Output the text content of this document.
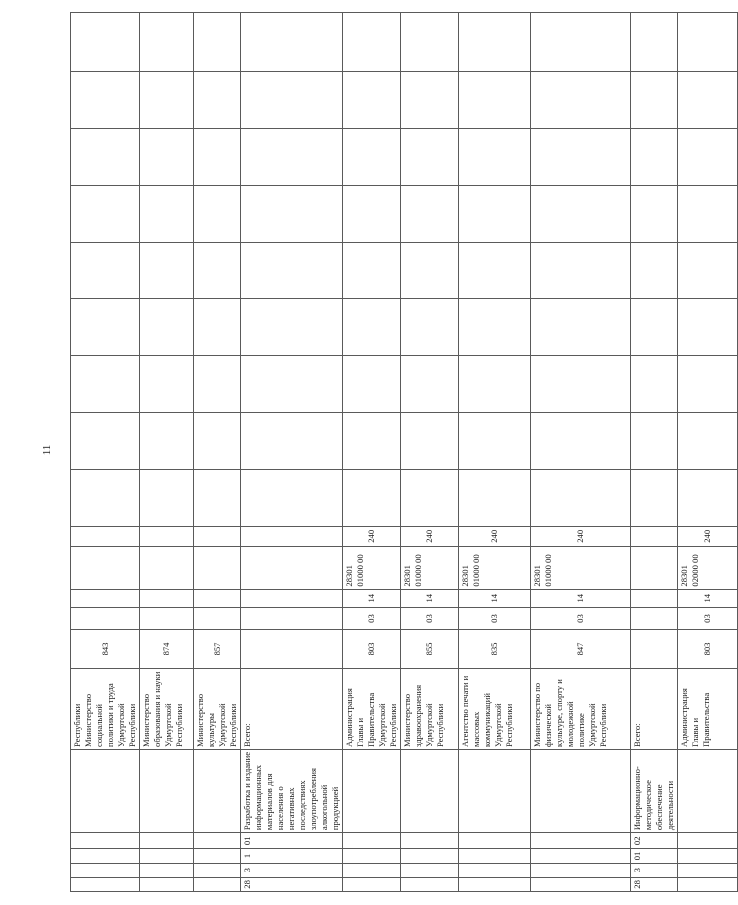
11
					Республики Министерство социальной политики и труда Удмуртской Республики	843													
					Министерство образования и науки Удмуртской Республики	874													
					Министерство культуры Удмуртской Республики	857													
28	3	1	01	Разработка и издание информационных материалов для населения о негативных последствиях злоупотребления алкогольной продукцией	Всего:														
					Администрация Главы и Правительства Удмуртской Республики	803	03	14	28301 01000 00	240									
					Министерство здравоохранения Удмуртской Республики	855	03	14	28301 01000 00	240									
					Агентство печати и массовых коммуникаций Удмуртской Республики	835	03	14	28301 01000 00	240									
					Министерство по физической культуре, спорту и молодежной политике Удмуртской Республики	847	03	14	28301 01000 00	240									
28	3	01	02	Информационно-методическое обеспечение деятельности	Всего:														
					Администрация Главы и Правительства	803	03	14	28301 02000 00	240									
